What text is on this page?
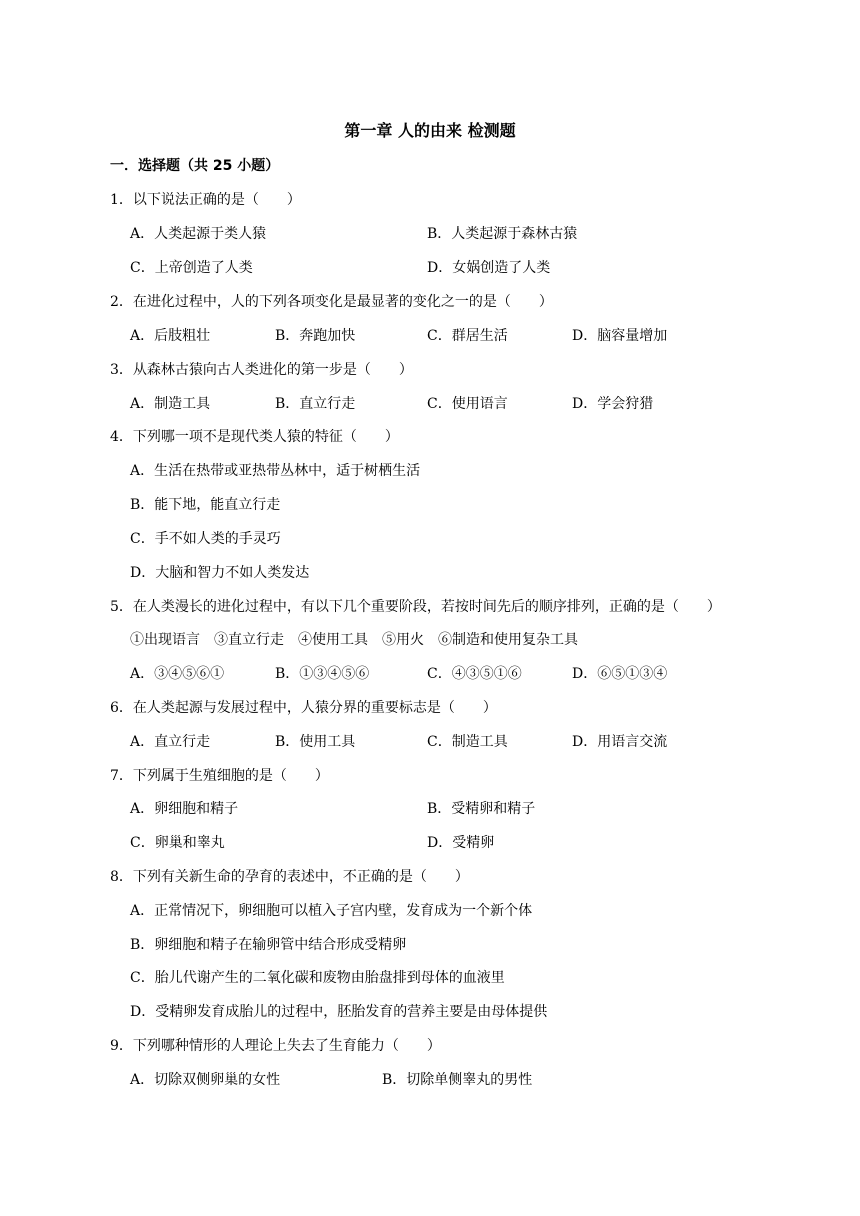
第一章 人的由来 检测题
一．选择题（共 25 小题）
1．以下说法正确的是（　　）
A．人类起源于类人猿	B．人类起源于森林古猿
C．上帝创造了人类	D．女娲创造了人类
2．在进化过程中，人的下列各项变化是最显著的变化之一的是（　　）
A．后肢粗壮	B．奔跑加快	C．群居生活	D．脑容量增加
3．从森林古猿向古人类进化的第一步是（　　）
A．制造工具	B．直立行走	C．使用语言	D．学会狩猎
4．下列哪一项不是现代类人猿的特征（　　）
A．生活在热带或亚热带丛林中，适于树栖生活
B．能下地，能直立行走
C．手不如人类的手灵巧
D．大脑和智力不如人类发达
5．在人类漫长的进化过程中，有以下几个重要阶段，若按时间先后的顺序排列，正确的是（　　）
①出现语言　③直立行走　④使用工具　⑤用火　⑥制造和使用复杂工具
A．③④⑤⑥①	B．①③④⑤⑥	C．④③⑤①⑥	D．⑥⑤①③④
6．在人类起源与发展过程中，人猿分界的重要标志是（　　）
A．直立行走	B．使用工具	C．制造工具	D．用语言交流
7．下列属于生殖细胞的是（　　）
A．卵细胞和精子	B．受精卵和精子
C．卵巢和睾丸	D．受精卵
8．下列有关新生命的孕育的表述中，不正确的是（　　）
A．正常情况下，卵细胞可以植入子宫内壁，发育成为一个新个体
B．卵细胞和精子在输卵管中结合形成受精卵
C．胎儿代谢产生的二氧化碳和废物由胎盘排到母体的血液里
D．受精卵发育成胎儿的过程中，胚胎发育的营养主要是由母体提供
9．下列哪种情形的人理论上失去了生育能力（　　）
A．切除双侧卵巢的女性	B．切除单侧睾丸的男性
